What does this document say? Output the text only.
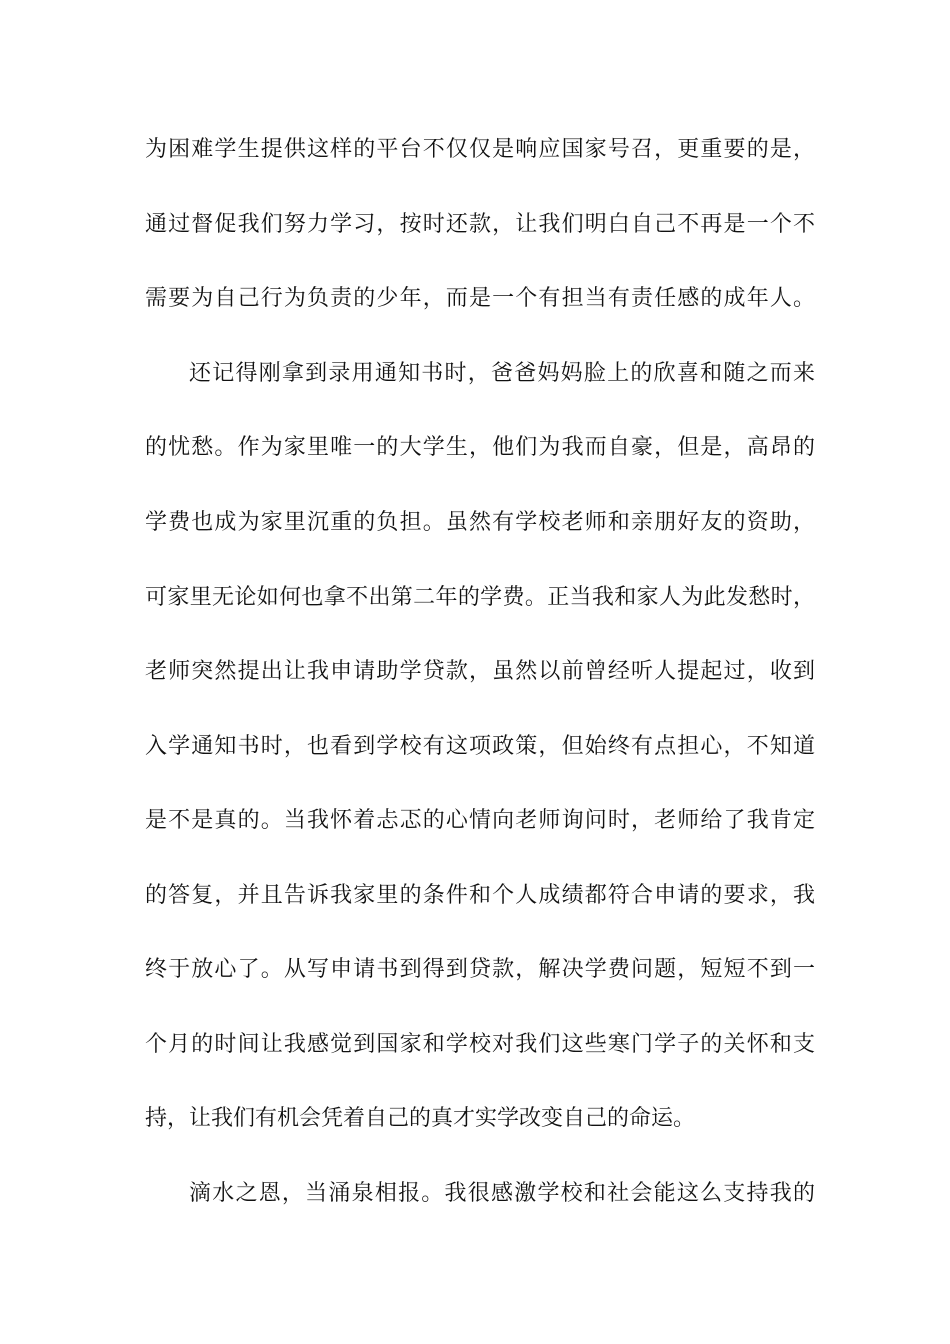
为困难学生提供这样的平台不仅仅是响应国家号召，更重要的是，
通过督促我们努力学习，按时还款，让我们明白自己不再是一个不
需要为自己行为负责的少年，而是一个有担当有责任感的成年人。
还记得刚拿到录用通知书时，爸爸妈妈脸上的欣喜和随之而来
的忧愁。作为家里唯一的大学生，他们为我而自豪，但是，高昂的
学费也成为家里沉重的负担。虽然有学校老师和亲朋好友的资助，
可家里无论如何也拿不出第二年的学费。正当我和家人为此发愁时，
老师突然提出让我申请助学贷款，虽然以前曾经听人提起过，收到
入学通知书时，也看到学校有这项政策，但始终有点担心，不知道
是不是真的。当我怀着忐忑的心情向老师询问时，老师给了我肯定
的答复，并且告诉我家里的条件和个人成绩都符合申请的要求，我
终于放心了。从写申请书到得到贷款，解决学费问题，短短不到一
个月的时间让我感觉到国家和学校对我们这些寒门学子的关怀和支
持，让我们有机会凭着自己的真才实学改变自己的命运。
滴水之恩，当涌泉相报。我很感激学校和社会能这么支持我的
